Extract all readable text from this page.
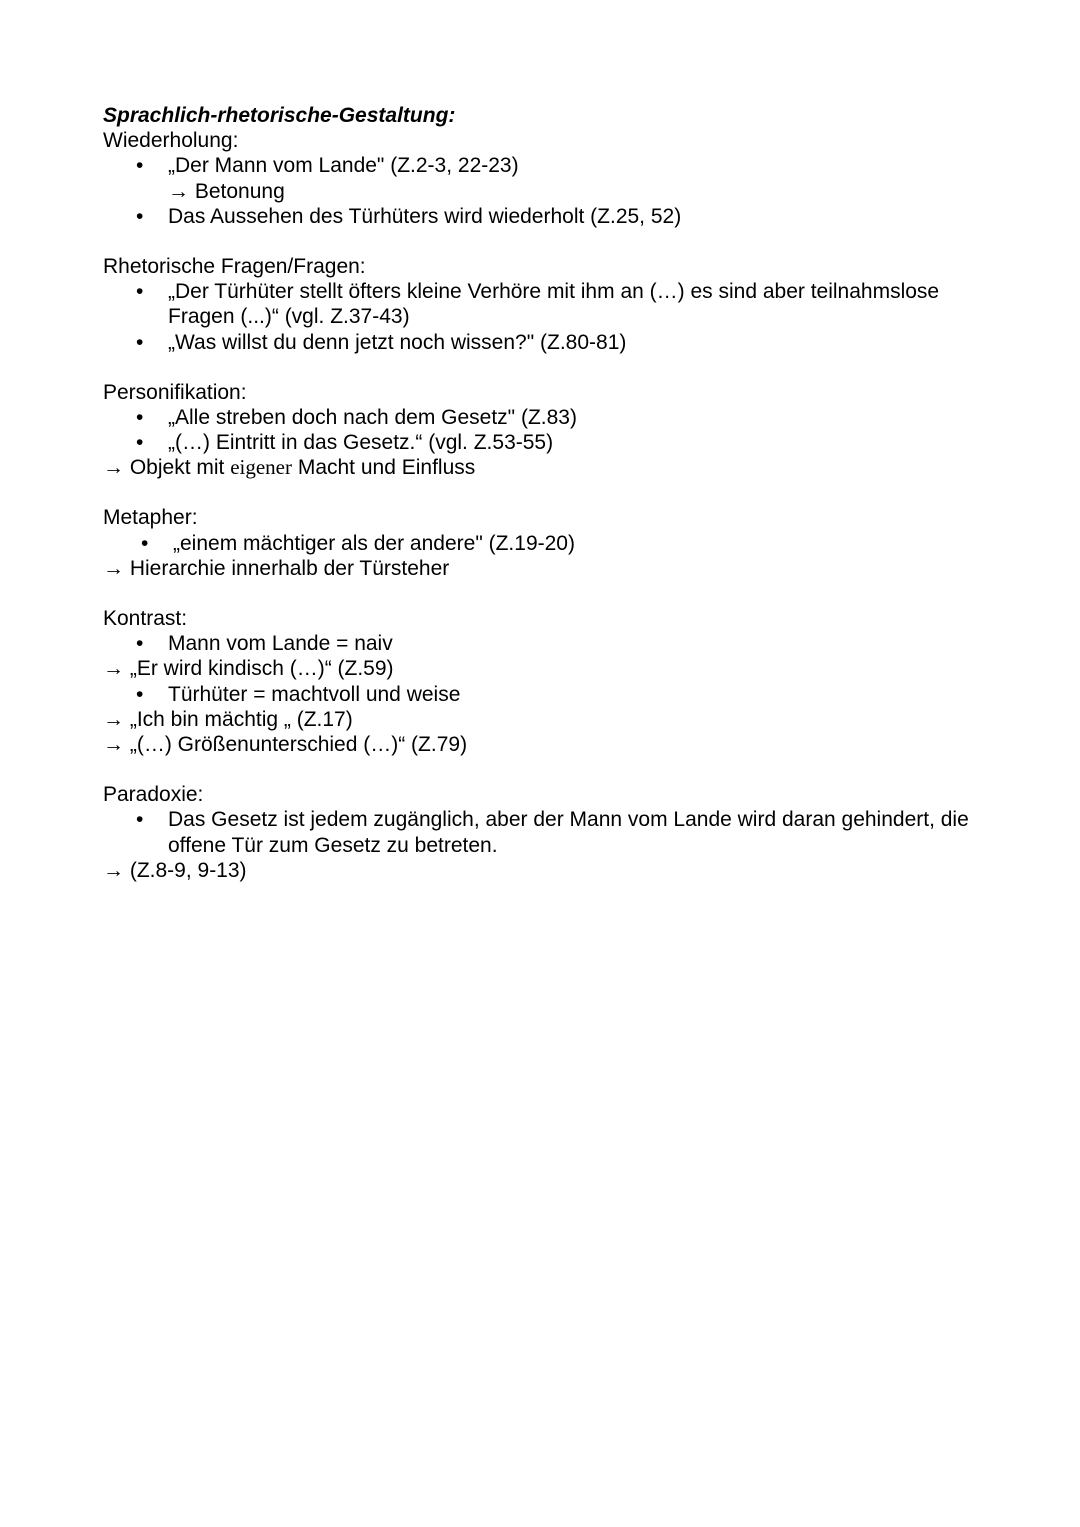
Sprachlich-rhetorische-Gestaltung:
Wiederholung:
• „Der Mann vom Lande" (Z.2-3, 22-23)
→ Betonung
• Das Aussehen des Türhüters wird wiederholt (Z.25, 52)
Rhetorische Fragen/Fragen:
• „Der Türhüter stellt öfters kleine Verhöre mit ihm an (…) es sind aber teilnahmslose Fragen (...)“ (vgl. Z.37-43)
• „Was willst du denn jetzt noch wissen?" (Z.80-81)
Personifikation:
• „Alle streben doch nach dem Gesetz" (Z.83)
• „(…) Eintritt in das Gesetz.“ (vgl. Z.53-55)
→ Objekt mit eigener Macht und Einfluss
Metapher:
• „einem mächtiger als der andere" (Z.19-20)
→ Hierarchie innerhalb der Türsteher
Kontrast:
• Mann vom Lande = naiv
→ „Er wird kindisch (…)“ (Z.59)
• Türhüter = machtvoll und weise
→ „Ich bin mächtig „ (Z.17)
→ „(…) Größenunterschied (…)“ (Z.79)
Paradoxie:
• Das Gesetz ist jedem zugänglich, aber der Mann vom Lande wird daran gehindert, die offene Tür zum Gesetz zu betreten.
→ (Z.8-9, 9-13)
